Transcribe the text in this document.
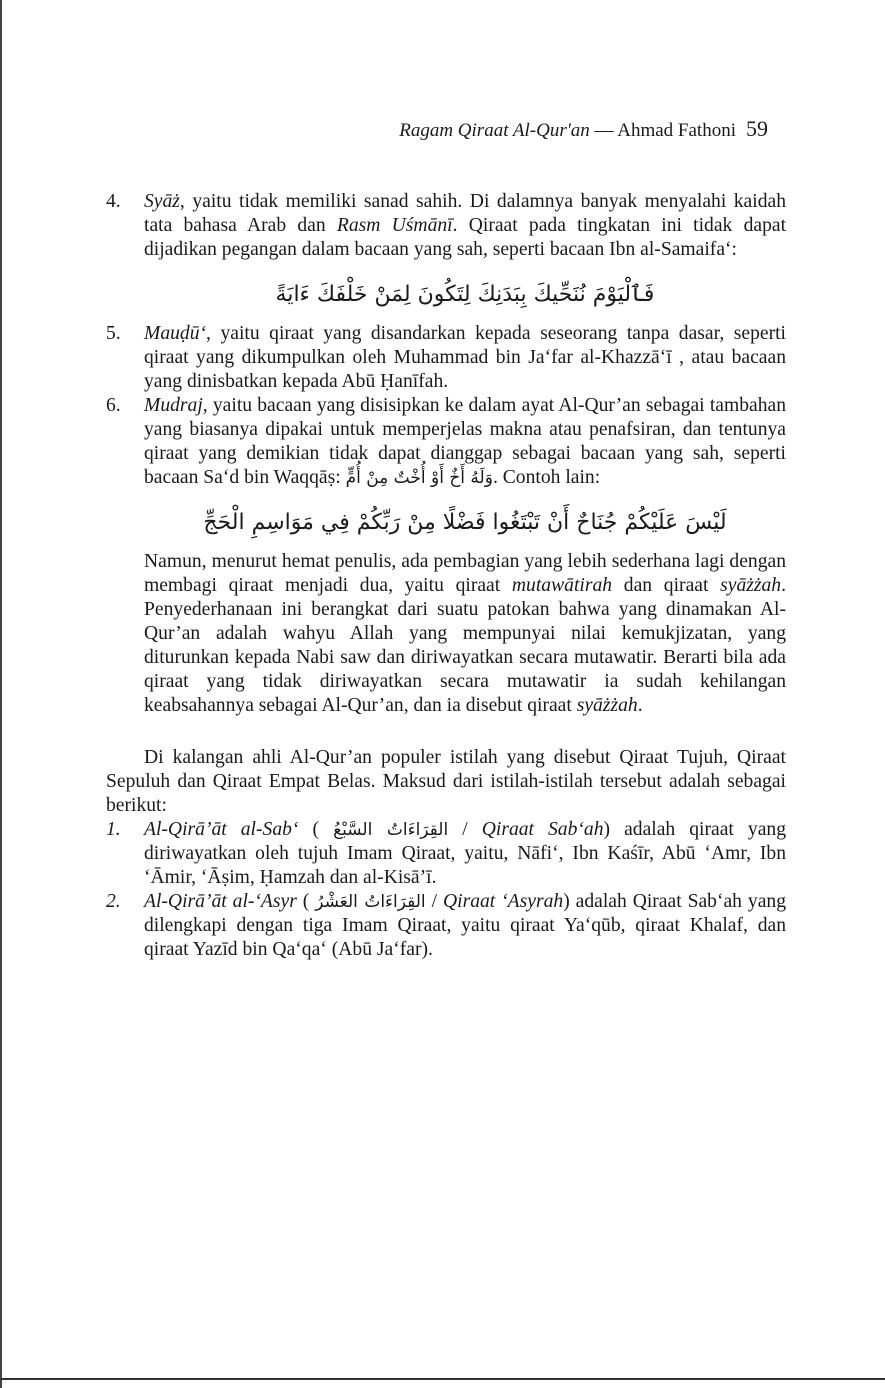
Ragam Qiraat Al-Qur'an — Ahmad Fathoni 59
4. Syāż, yaitu tidak memiliki sanad sahih. Di dalamnya banyak menyalahi kaidah tata bahasa Arab dan Rasm Uśmānī. Qiraat pada tingkatan ini tidak dapat dijadikan pegangan dalam bacaan yang sah, seperti bacaan Ibn al-Samaifa‘:
فَٱلْيَوْمَ نُنَحِّيكَ بِبَدَنِكَ لِتَكُونَ لِمَنْ خَلْفَكَ ءَايَةً
5. Mauḍū‘, yaitu qiraat yang disandarkan kepada seseorang tanpa dasar, seperti qiraat yang dikumpulkan oleh Muhammad bin Ja‘far al-Khazzā‘ī , atau bacaan yang dinisbatkan kepada Abū Ḥanīfah.
6. Mudraj, yaitu bacaan yang disisipkan ke dalam ayat Al-Qur’an sebagai tambahan yang biasanya dipakai untuk memperjelas makna atau penafsiran, dan tentunya qiraat yang demikian tidak dapat dianggap sebagai bacaan yang sah, seperti bacaan Sa‘d bin Waqqāṣ: وَلَهُ أَخٌ أَوْ أُخْتٌ مِنْ أُمٍّ. Contoh lain:
لَيْسَ عَلَيْكُمْ جُنَاحٌ أَنْ تَبْتَغُوا فَضْلًا مِنْ رَبِّكُمْ فِي مَوَاسِمِ الْحَجِّ

Namun, menurut hemat penulis, ada pembagian yang lebih sederhana lagi dengan membagi qiraat menjadi dua, yaitu qiraat mutawātirah dan qiraat syāżżah. Penyederhanaan ini berangkat dari suatu patokan bahwa yang dinamakan Al-Qur’an adalah wahyu Allah yang mempunyai nilai kemukjizatan, yang diturunkan kepada Nabi saw dan diriwayatkan secara mutawatir. Berarti bila ada qiraat yang tidak diriwayatkan secara mutawatir ia sudah kehilangan keabsahannya sebagai Al-Qur’an, dan ia disebut qiraat syāżżah.

Di kalangan ahli Al-Qur’an populer istilah yang disebut Qiraat Tujuh, Qiraat Sepuluh dan Qiraat Empat Belas. Maksud dari istilah-istilah tersebut adalah sebagai berikut:

1. Al-Qirā’āt al-Sab‘ ( القِرَاءَاتُ السَّبْعُ / Qiraat Sab‘ah) adalah qiraat yang diriwayatkan oleh tujuh Imam Qiraat, yaitu, Nāfi‘, Ibn Kaśīr, Abū ‘Amr, Ibn ‘Āmir, ‘Āṣim, Ḥamzah dan al-Kisā’ī.
2. Al-Qirā’āt al-‘Asyr ( القِرَاءَاتُ العَشْرُ / Qiraat ‘Asyrah) adalah Qiraat Sab‘ah yang dilengkapi dengan tiga Imam Qiraat, yaitu qiraat Ya‘qūb, qiraat Khalaf, dan qiraat Yazīd bin Qa‘qa‘ (Abū Ja‘far).
